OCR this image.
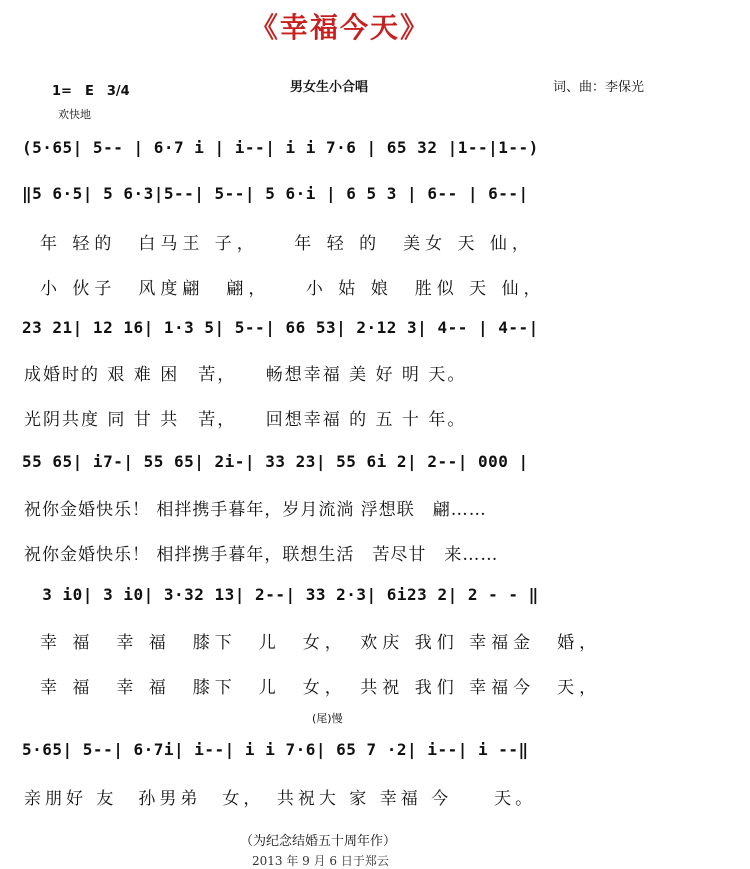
《幸福今天》
1=　E　3/4	男女生小合唱	词、曲：李保光
欢快地
(5·65| 5-- | 6·7 i | i--| i i 7·6 | 65 32 |1--|1--)
‖5 6·5| 5 6·3|5--| 5--| 5 6·i | 6 5 3 | 6-- | 6--|
年 轻的　白马王 子，　　年 轻 的　美女 天 仙，
小 伙子　风度翩　翩，　　小 姑 娘　胜似 天 仙，
23 21| 12 16| 1·3 5| 5--| 66 53| 2·12 3| 4-- | 4--|
成婚时的 艰 难 困　苦，　　畅想幸福 美 好 明 天。
光阴共度 同 甘 共　苦，　　回想幸福 的 五 十 年。
55 65| i7-| 55 65| 2i-| 33 23| 55 6i 2| 2--| 000 |
祝你金婚快乐！ 相拌携手暮年，岁月流淌 浮想联　翩……
祝你金婚快乐！ 相拌携手暮年，联想生活　苦尽甘　来……
3 i0| 3 i0| 3·32 13| 2--| 33 2·3| 6i23 2| 2 - - ‖
幸 福　幸 福　膝下　儿　女，　欢庆 我们 幸福金　婚，
幸 福　幸 福　膝下　儿　女，　共祝 我们 幸福今　天，
(尾)慢
5·65| 5--| 6·7i| i--| i i 7·6| 65 7 ·2| i--| i --‖
亲朋好 友　孙男弟　女，　共祝大 家 幸福 今　　天。
（为纪念结婚五十周年作）
2013 年 9 月 6 日于郑云
